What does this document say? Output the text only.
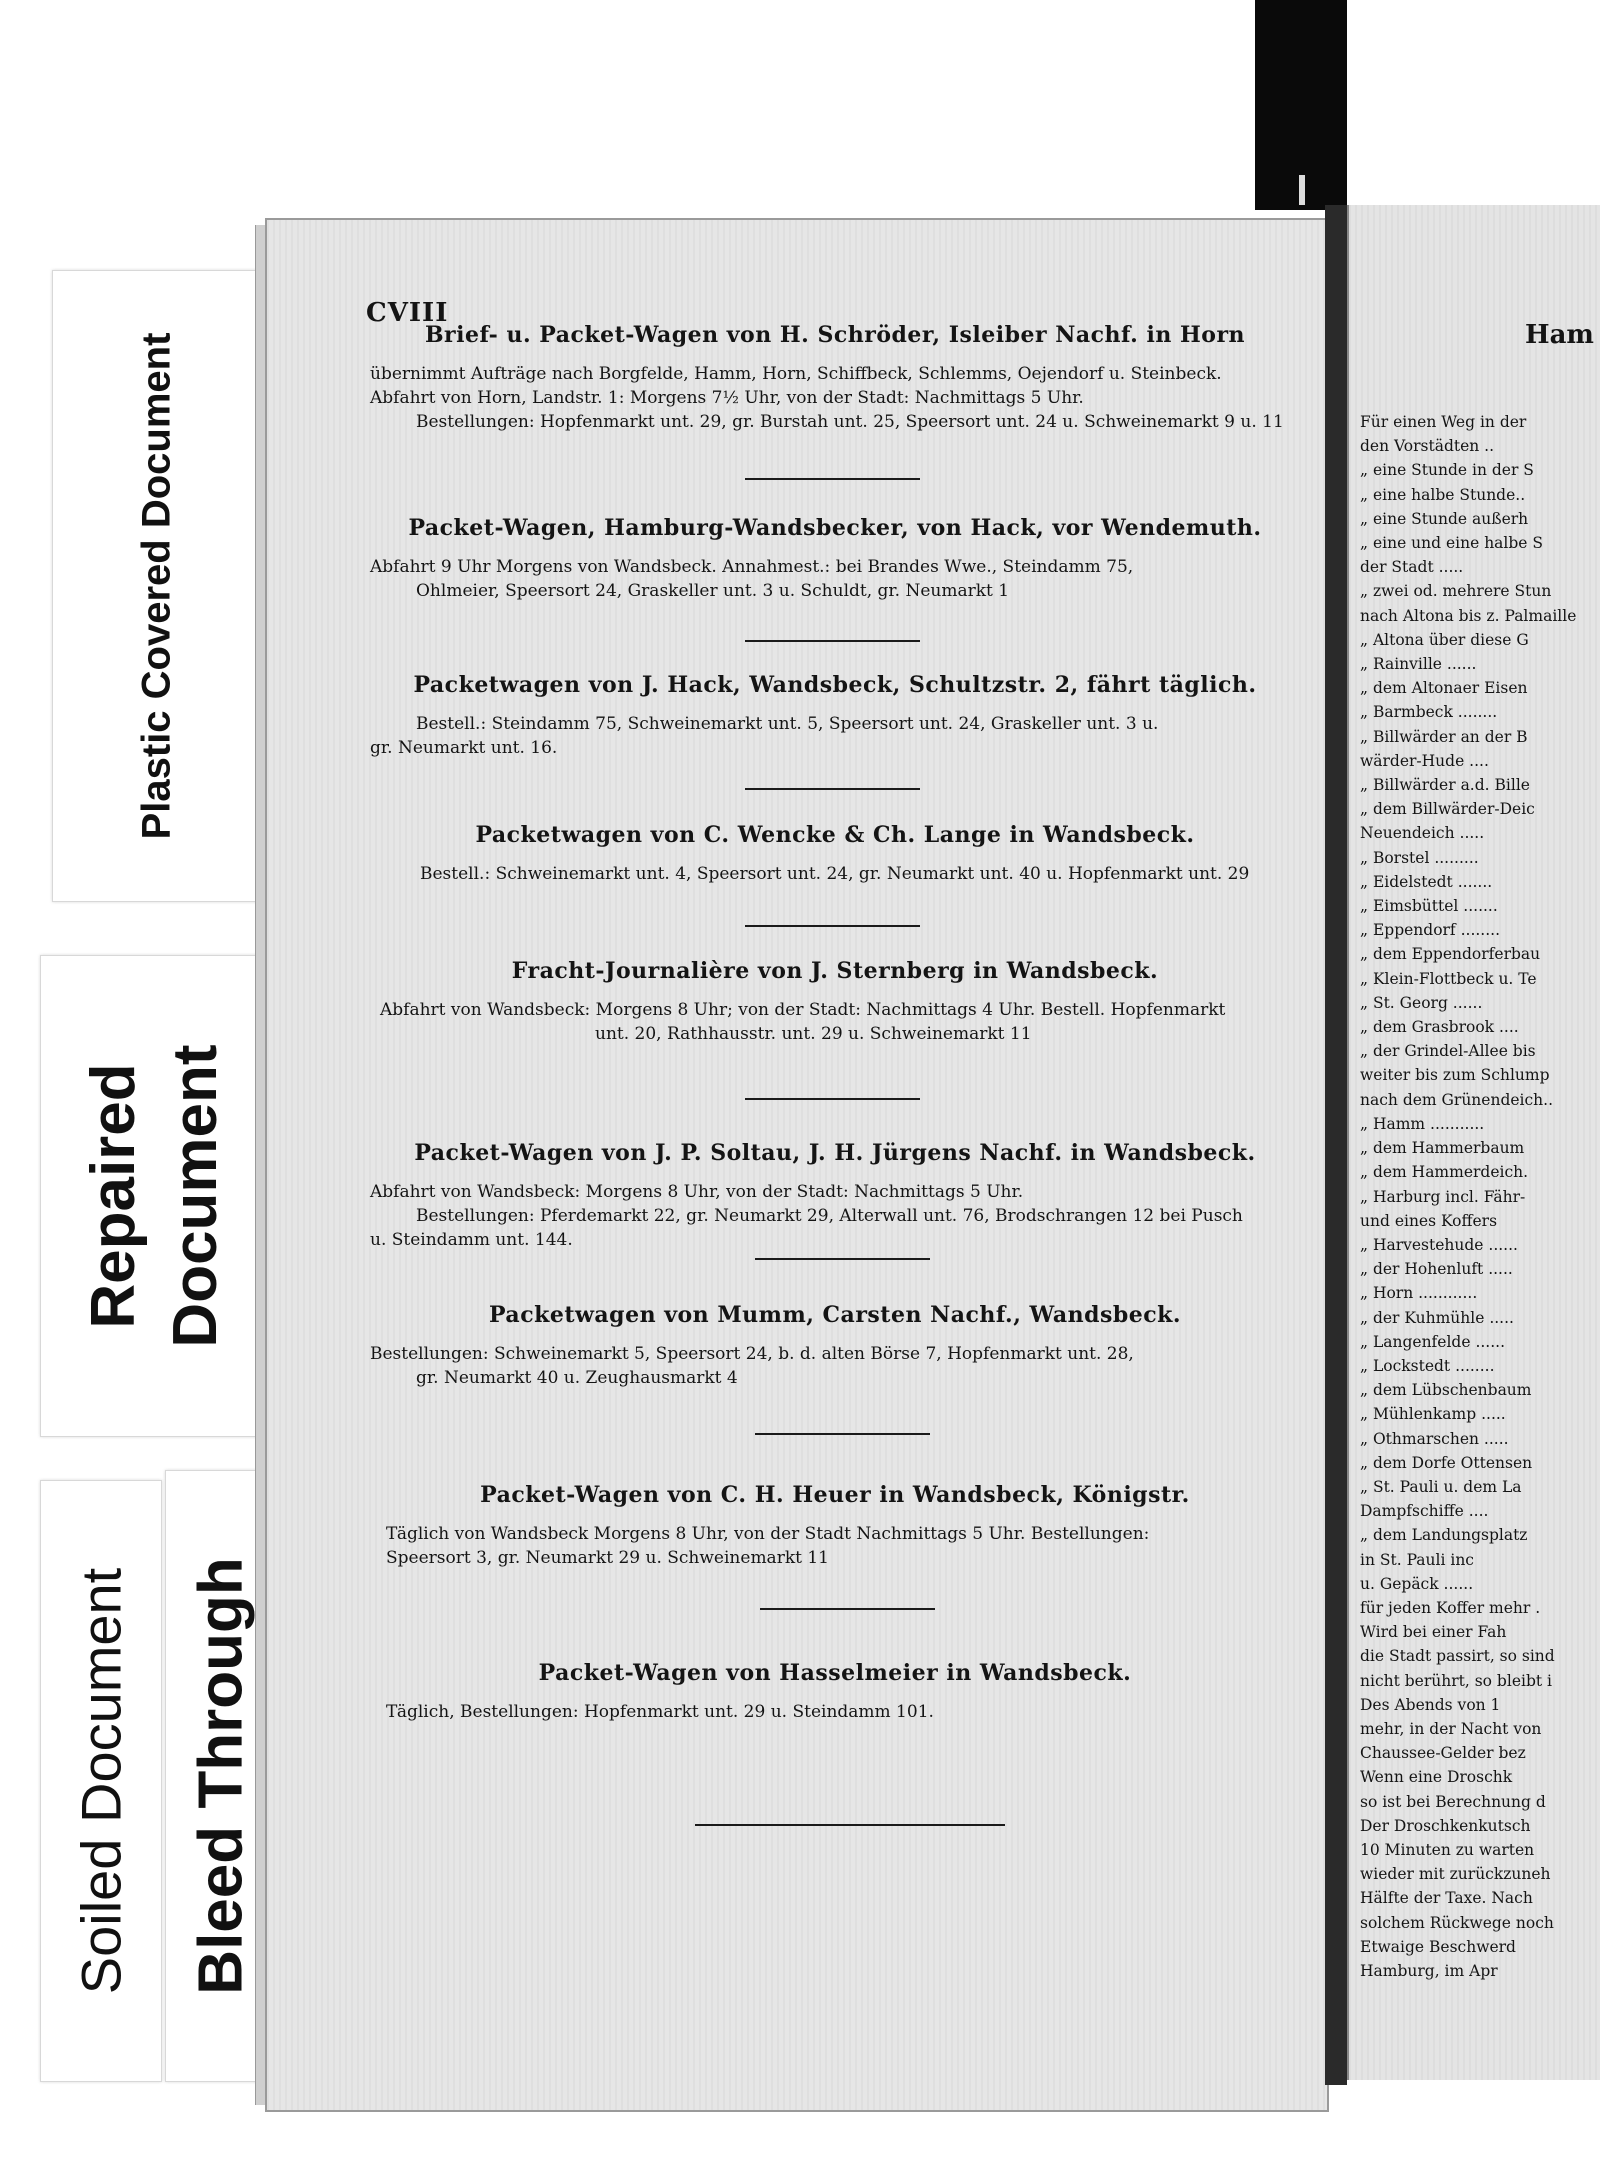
Plastic Covered Document
Repaired Document
Soiled Document Bleed Through
CVIII
Brief- u. Packet-Wagen von H. Schröder, Isleiber Nachf. in Horn
übernimmt Aufträge nach Borgfelde, Hamm, Horn, Schiffbeck, Schlemms, Oejendorf u. Steinbeck.
Abfahrt von Horn, Landstr. 1: Morgens 7½ Uhr, von der Stadt: Nachmittags 5 Uhr.
Bestellungen: Hopfenmarkt unt. 29, gr. Burstah unt. 25, Speersort unt. 24 u. Schweinemarkt 9 u. 11
Packet-Wagen, Hamburg-Wandsbecker, von Hack, vor Wendemuth.
Abfahrt 9 Uhr Morgens von Wandsbeck. Annahmest.: bei Brandes Wwe., Steindamm 75,
Ohlmeier, Speersort 24, Graskeller unt. 3 u. Schuldt, gr. Neumarkt 1
Packetwagen von J. Hack, Wandsbeck, Schultzstr. 2, fährt täglich.
Bestell.: Steindamm 75, Schweinemarkt unt. 5, Speersort unt. 24, Graskeller unt. 3 u.
gr. Neumarkt unt. 16.
Packetwagen von C. Wencke & Ch. Lange in Wandsbeck.
Bestell.: Schweinemarkt unt. 4, Speersort unt. 24, gr. Neumarkt unt. 40 u. Hopfenmarkt unt. 29
Fracht-Journalière von J. Sternberg in Wandsbeck.
Abfahrt von Wandsbeck: Morgens 8 Uhr; von der Stadt: Nachmittags 4 Uhr. Bestell. Hopfenmarkt
unt. 20, Rathhausstr. unt. 29 u. Schweinemarkt 11
Packet-Wagen von J. P. Soltau, J. H. Jürgens Nachf. in Wandsbeck.
Abfahrt von Wandsbeck: Morgens 8 Uhr, von der Stadt: Nachmittags 5 Uhr.
Bestellungen: Pferdemarkt 22, gr. Neumarkt 29, Alterwall unt. 76, Brodschrangen 12 bei Pusch
u. Steindamm unt. 144.
Packetwagen von Mumm, Carsten Nachf., Wandsbeck.
Bestellungen: Schweinemarkt 5, Speersort 24, b. d. alten Börse 7, Hopfenmarkt unt. 28,
gr. Neumarkt 40 u. Zeughausmarkt 4
Packet-Wagen von C. H. Heuer in Wandsbeck, Königstr.
Täglich von Wandsbeck Morgens 8 Uhr, von der Stadt Nachmittags 5 Uhr. Bestellungen:
Speersort 3, gr. Neumarkt 29 u. Schweinemarkt 11
Packet-Wagen von Hasselmeier in Wandsbeck.
Täglich, Bestellungen: Hopfenmarkt unt. 29 u. Steindamm 101.
Ham
Für einen Weg in der
den Vorstädten ..
„ eine Stunde in der S
„ eine halbe Stunde..
„ eine Stunde außerh
„ eine und eine halbe S
der Stadt .....
„ zwei od. mehrere Stun
nach Altona bis z. Palmaille
„ Altona über diese G
„ Rainville ......
„ dem Altonaer Eisen
„ Barmbeck ........
„ Billwärder an der B
wärder-Hude ....
„ Billwärder a.d. Bille
„ dem Billwärder-Deic
Neuendeich .....
„ Borstel .........
„ Eidelstedt .......
„ Eimsbüttel .......
„ Eppendorf ........
„ dem Eppendorferbau
„ Klein-Flottbeck u. Te
„ St. Georg ......
„ dem Grasbrook ....
„ der Grindel-Allee bis
weiter bis zum Schlump
nach dem Grünendeich..
„ Hamm ...........
„ dem Hammerbaum
„ dem Hammerdeich.
„ Harburg incl. Fähr-
und eines Koffers
„ Harvestehude ......
„ der Hohenluft .....
„ Horn ............
„ der Kuhmühle .....
„ Langenfelde ......
„ Lockstedt ........
„ dem Lübschenbaum
„ Mühlenkamp .....
„ Othmarschen .....
„ dem Dorfe Ottensen
„ St. Pauli u. dem La
Dampfschiffe ....
„ dem Landungsplatz
in St. Pauli inc
u. Gepäck ......
für jeden Koffer mehr .
Wird bei einer Fah
die Stadt passirt, so sind
nicht berührt, so bleibt i
Des Abends von 1
mehr, in der Nacht von
Chaussee-Gelder bez
Wenn eine Droschk
so ist bei Berechnung d
Der Droschkenkutsch
10 Minuten zu warten
wieder mit zurückzuneh
Hälfte der Taxe. Nach
solchem Rückwege noch
Etwaige Beschwerd
Hamburg, im Apr
